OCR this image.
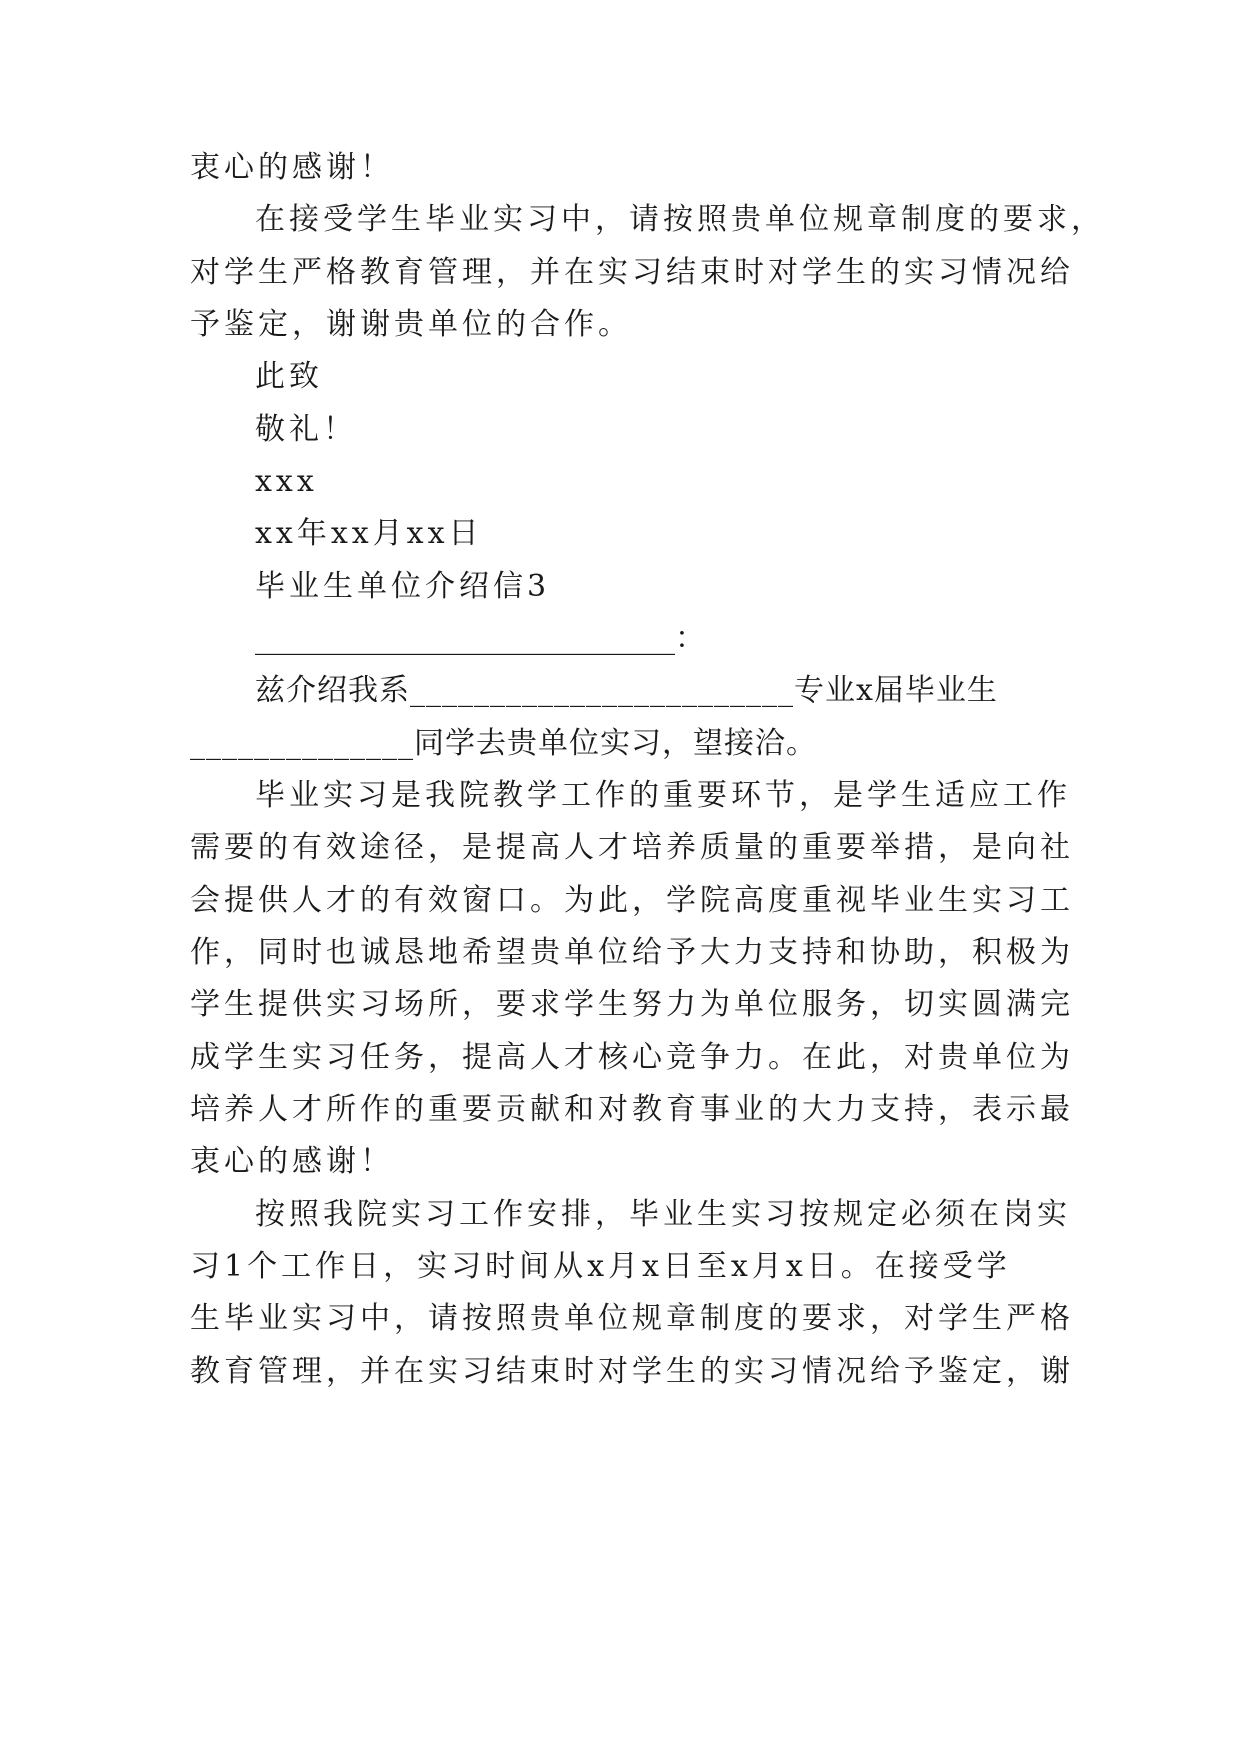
衷心的感谢！
在接受学生毕业实习中，请按照贵单位规章制度的要求，
对学生严格教育管理，并在实习结束时对学生的实习情况给
予鉴定，谢谢贵单位的合作。
此致
敬礼！
xxx
xx年xx月xx日
毕业生单位介绍信3
____________________________：
兹介绍我系________________________专业x届毕业生
______________同学去贵单位实习，望接洽。
毕业实习是我院教学工作的重要环节，是学生适应工作
需要的有效途径，是提高人才培养质量的重要举措，是向社
会提供人才的有效窗口。为此，学院高度重视毕业生实习工
作，同时也诚恳地希望贵单位给予大力支持和协助，积极为
学生提供实习场所，要求学生努力为单位服务，切实圆满完
成学生实习任务，提高人才核心竞争力。在此，对贵单位为
培养人才所作的重要贡献和对教育事业的大力支持，表示最
衷心的感谢！
按照我院实习工作安排，毕业生实习按规定必须在岗实
习1个工作日，实习时间从x月x日至x月x日。在接受学
生毕业实习中，请按照贵单位规章制度的要求，对学生严格
教育管理，并在实习结束时对学生的实习情况给予鉴定，谢
